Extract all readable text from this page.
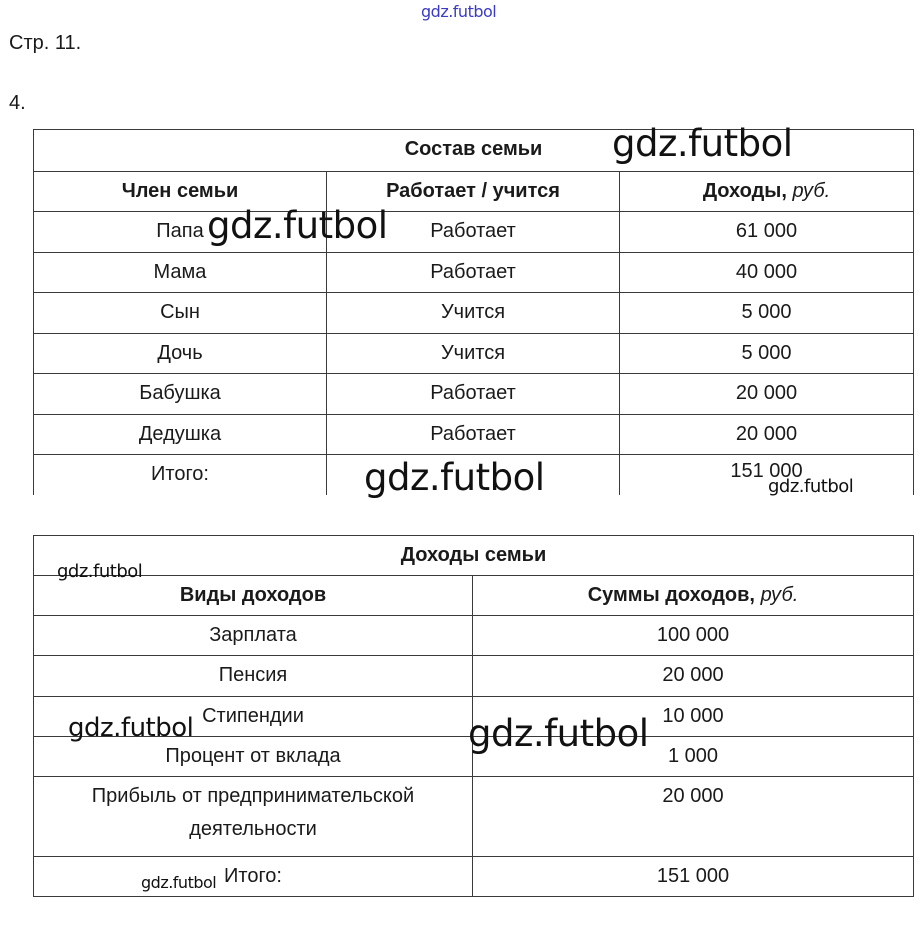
gdz.futbol
Стр. 11.
4.
Состав семьи		
Член семьи	Работает / учится	Доходы, руб.
Папа	Работает	61 000
Мама	Работает	40 000
Сын	Учится	5 000
Дочь	Учится	5 000
Бабушка	Работает	20 000
Дедушка	Работает	20 000
Итого:		151 000
Доходы семьи	
Виды доходов	Суммы доходов, руб.
Зарплата	100 000
Пенсия	20 000
Стипендии	10 000
Процент от вклада	1 000

Прибыль от предпринимательской
деятельности	20 000
Итого:	151 000
gdz.futbol
gdz.futbol
gdz.futbol	gdz.futbol
gdz.futbol
gdz.futbol	gdz.futbol
gdz.futbol
